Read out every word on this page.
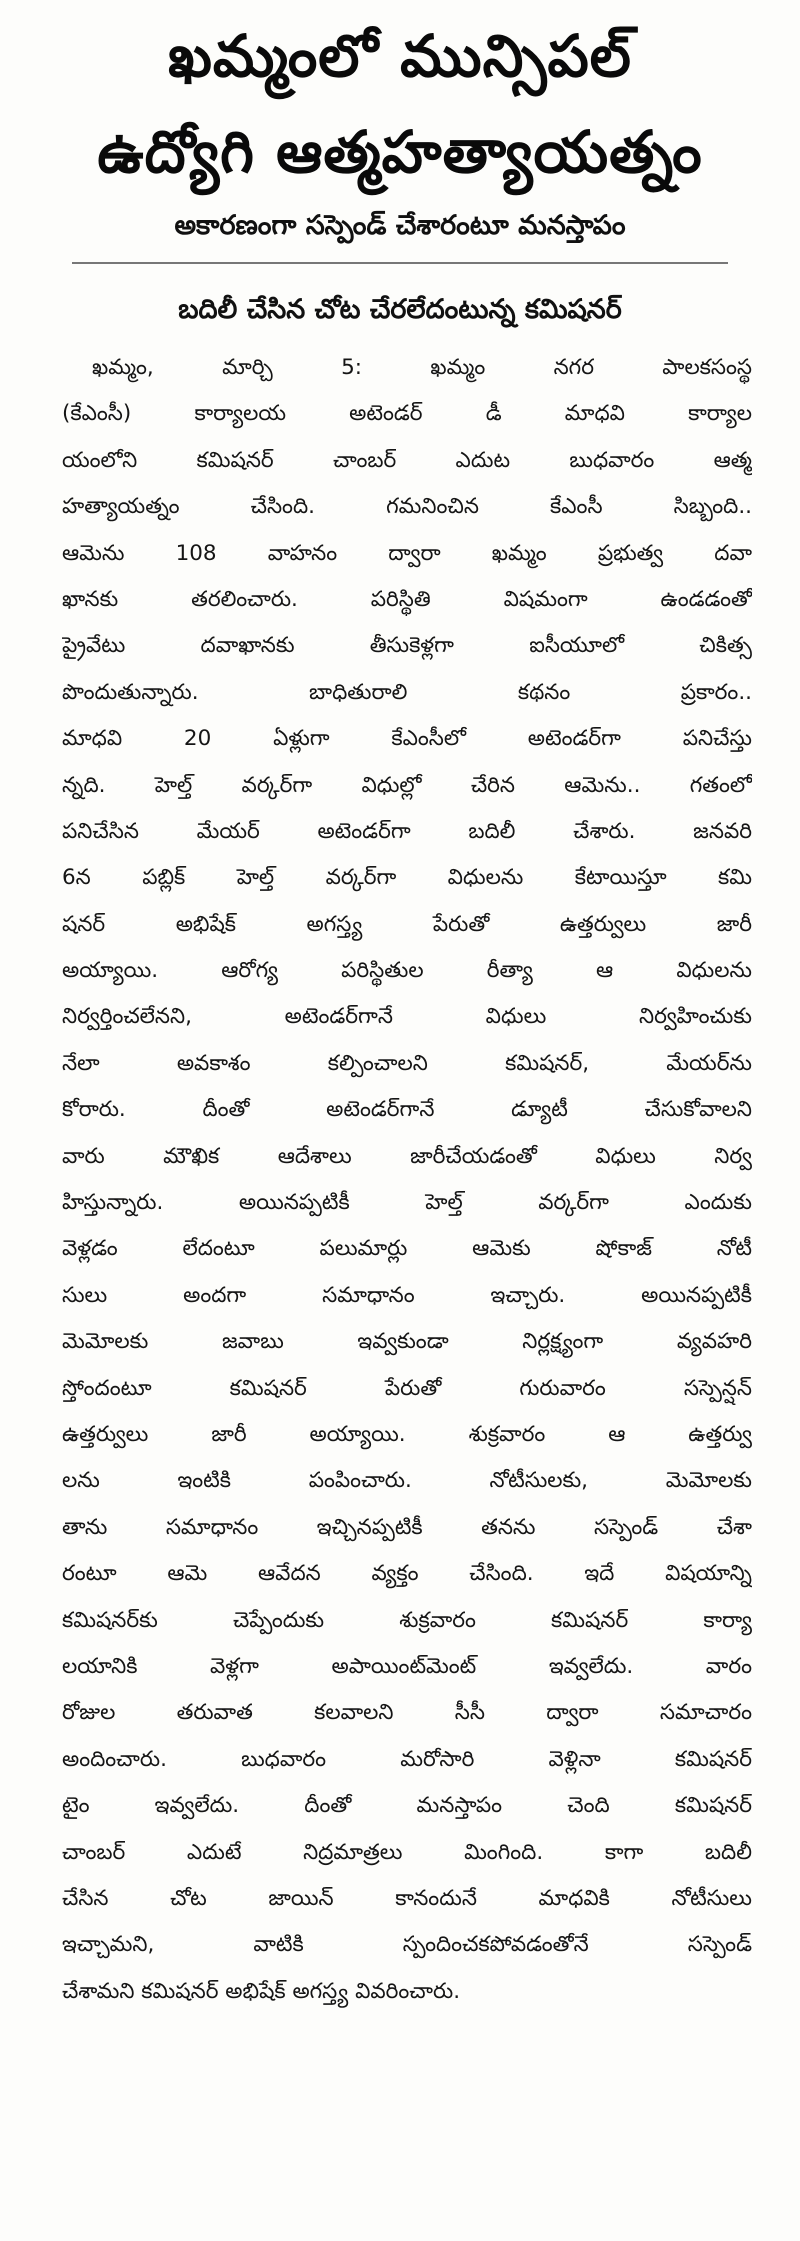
ఖమ్మంలో మున్సిపల్
ఉద్యోగి ఆత్మహత్యాయత్నం
అకారణంగా సస్పెండ్ చేశారంటూ మనస్తాపం
బదిలీ చేసిన చోట చేరలేదంటున్న కమిషనర్
ఖమ్మం, మార్చి 5: ఖమ్మం నగర పాలకసంస్థ
(కేఎంసీ) కార్యాలయ అటెండర్ డీ మాధవి కార్యాల
యంలోని కమిషనర్ చాంబర్ ఎదుట బుధవారం ఆత్మ
హత్యాయత్నం చేసింది. గమనించిన కేఎంసీ సిబ్బంది..
ఆమెను 108 వాహనం ద్వారా ఖమ్మం ప్రభుత్వ దవా
ఖానకు తరలించారు. పరిస్థితి విషమంగా ఉండడంతో
ప్రైవేటు దవాఖానకు తీసుకెళ్లగా ఐసీయూలో చికిత్స
పొందుతున్నారు. బాధితురాలి కథనం ప్రకారం..
మాధవి 20 ఏళ్లుగా కేఎంసీలో అటెండర్‌గా పనిచేస్తు
న్నది. హెల్త్ వర్కర్‌గా విధుల్లో చేరిన ఆమెను.. గతంలో
పనిచేసిన మేయర్ అటెండర్‌గా బదిలీ చేశారు. జనవరి
6న పబ్లిక్ హెల్త్ వర్కర్‌గా విధులను కేటాయిస్తూ కమి
షనర్ అభిషేక్ అగస్త్య పేరుతో ఉత్తర్వులు జారీ
అయ్యాయి. ఆరోగ్య పరిస్థితుల రీత్యా ఆ విధులను
నిర్వర్తించలేనని, అటెండర్‌గానే విధులు నిర్వహించుకు
నేలా అవకాశం కల్పించాలని కమిషనర్, మేయర్‌ను
కోరారు. దీంతో అటెండర్‌గానే డ్యూటీ చేసుకోవాలని
వారు మౌఖిక ఆదేశాలు జారీచేయడంతో విధులు నిర్వ
హిస్తున్నారు. అయినప్పటికీ హెల్త్ వర్కర్‌గా ఎందుకు
వెళ్లడం లేదంటూ పలుమార్లు ఆమెకు షోకాజ్ నోటీ
సులు అందగా సమాధానం ఇచ్చారు. అయినప్పటికీ
మెమోలకు జవాబు ఇవ్వకుండా నిర్లక్ష్యంగా వ్యవహరి
స్తోందంటూ కమిషనర్ పేరుతో గురువారం సస్పెన్షన్
ఉత్తర్వులు జారీ అయ్యాయి. శుక్రవారం ఆ ఉత్తర్వు
లను ఇంటికి పంపించారు. నోటీసులకు, మెమోలకు
తాను సమాధానం ఇచ్చినప్పటికీ తనను సస్పెండ్ చేశా
రంటూ ఆమె ఆవేదన వ్యక్తం చేసింది. ఇదే విషయాన్ని
కమిషనర్‌కు చెప్పేందుకు శుక్రవారం కమిషనర్ కార్యా
లయానికి వెళ్లగా అపాయింట్‌మెంట్ ఇవ్వలేదు. వారం
రోజుల తరువాత కలవాలని సీసీ ద్వారా సమాచారం
అందించారు. బుధవారం మరోసారి వెళ్లినా కమిషనర్
టైం ఇవ్వలేదు. దీంతో మనస్తాపం చెంది కమిషనర్
చాంబర్ ఎదుటే నిద్రమాత్రలు మింగింది. కాగా బదిలీ
చేసిన చోట జాయిన్ కానందునే మాధవికి నోటీసులు
ఇచ్చామని, వాటికి స్పందించకపోవడంతోనే సస్పెండ్
చేశామని కమిషనర్ అభిషేక్ అగస్త్య వివరించారు.
